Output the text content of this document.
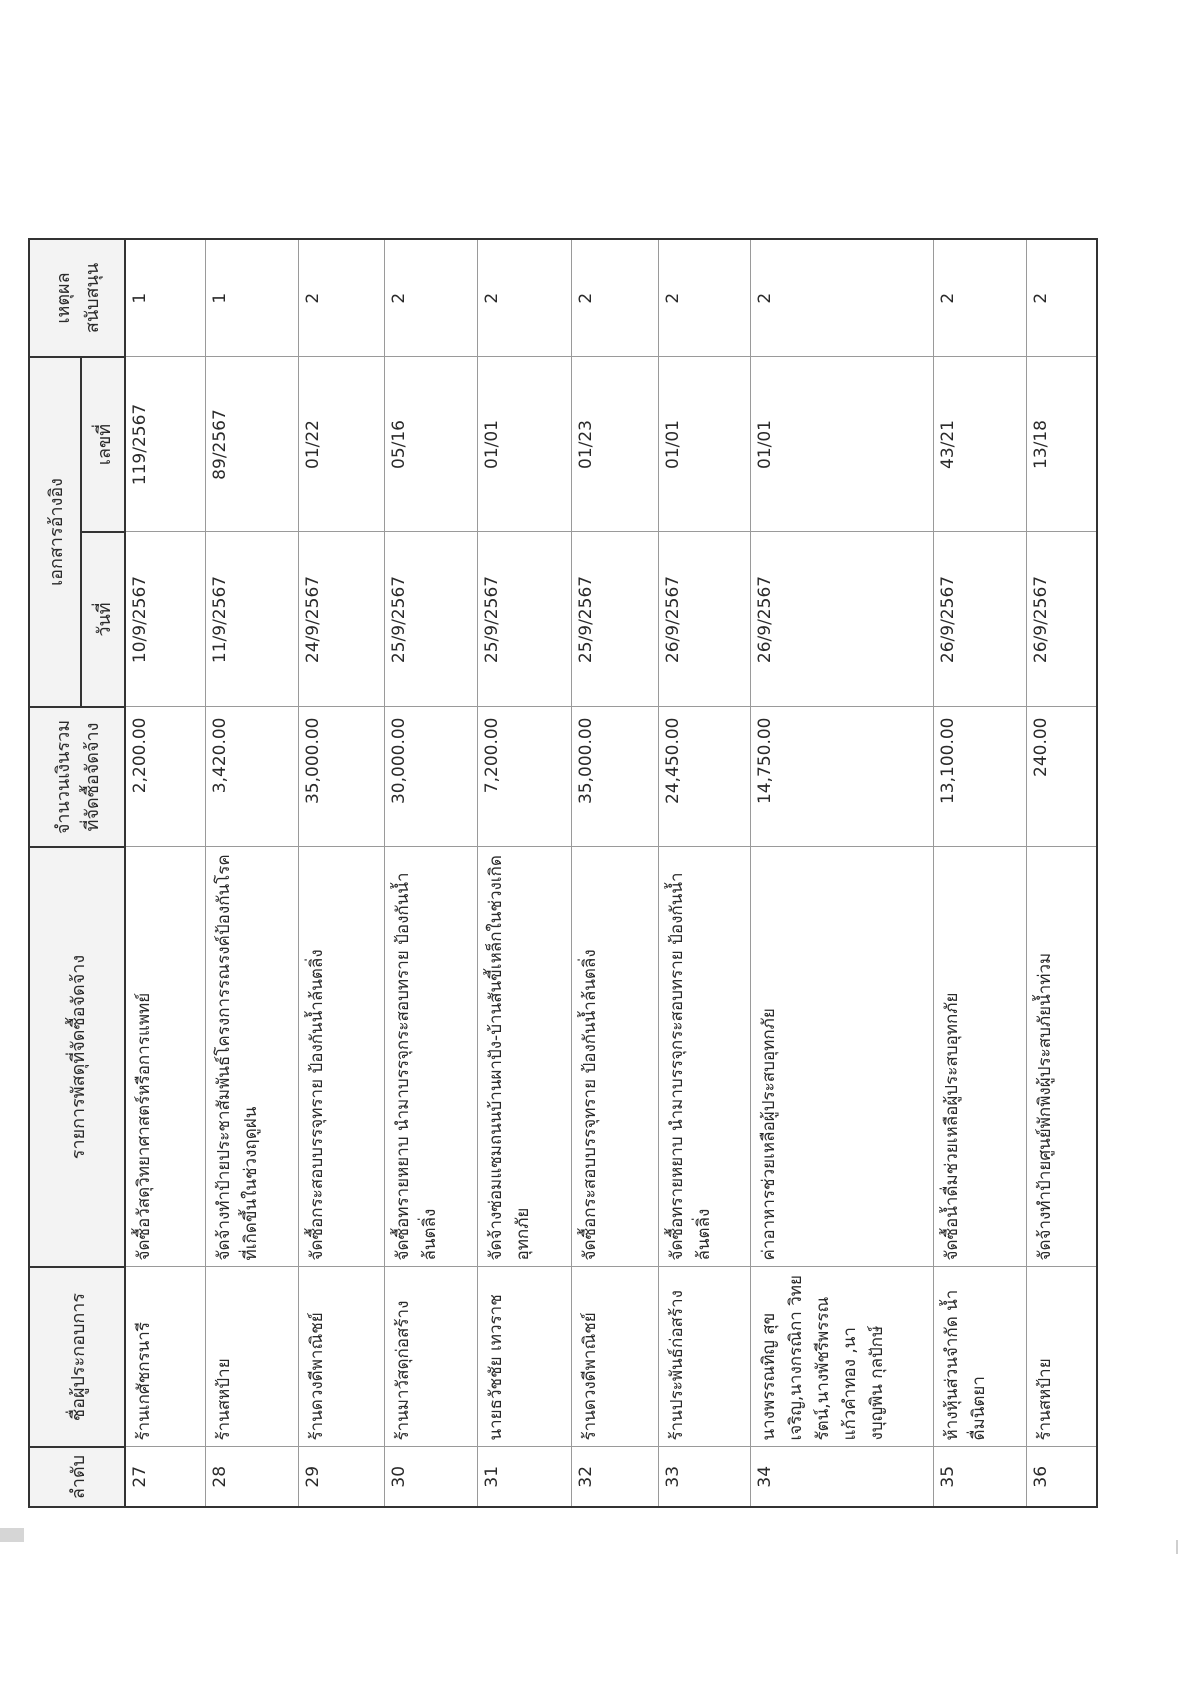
ลำดับ	ชื่อผู้ประกอบการ	รายการพัสดุที่จัดซื้อจัดจ้าง	จำนวนเงินรวมที่จัดซื้อจัดจ้าง	เอกสารอ้างอิง		เหตุผลสนับสนุน
				วันที่	เลขที่	
27	ร้านเกศัชกรนารี	จัดซื้อวัสดุวิทยาศาสตร์หรือการแพทย์	2,200.00	10/9/2567	119/2567	1
28	ร้านสหป้าย	จัดจ้างทำป้ายประชาสัมพันธ์โครงการรณรงค์ป้องกันโรคที่เกิดขึ้นในช่วงฤดูฝน	3,420.00	11/9/2567	89/2567	1
29	ร้านดวงดีพาณิชย์	จัดซื้อกระสอบบรรจุทราย ป้องกันน้ำล้นตลิ่ง	35,000.00	24/9/2567	01/22	2
30	ร้านมาวัสดุก่อสร้าง	จัดซื้อทรายหยาบ นำมาบรรจุกระสอบทราย ป้องกันน้ำล้นตลิ่ง	30,000.00	25/9/2567	05/16	2
31	นายธวัชชัย เทวราช	จัดจ้างซ่อมแซมถนนบ้านผาปัง-บ้านสันขี้เหล็กในช่วงเกิดอุทกภัย	7,200.00	25/9/2567	01/01	2
32	ร้านดวงดีพาณิชย์	จัดซื้อกระสอบบรรจุทราย ป้องกันน้ำล้นตลิ่ง	35,000.00	25/9/2567	01/23	2
33	ร้านประพันธ์ก่อสร้าง	จัดซื้อทรายหยาบ นำมาบรรจุกระสอบทราย ป้องกันน้ำล้นตลิ่ง	24,450.00	26/9/2567	01/01	2
34	นางพรรณทิญ สุขเจริญ,นางกรณิกา วิทยรัตน์,นางพัชรีพรรณ แก้วคำทอง ,นางบุญพิน กุลปักษ์	ค่าอาหารช่วยเหลือผู้ประสบอุทกภัย	14,750.00	26/9/2567	01/01	2
35	ห้างหุ้นส่วนจำกัด น้ำดื่มนิตยา	จัดซื้อน้ำดื่มช่วยเหลือผู้ประสบอุทกภัย	13,100.00	26/9/2567	43/21	2
36	ร้านสหป้าย	จัดจ้างทำป้ายศูนย์พักพิงผู้ประสบภัยน้ำท่วม	240.00	26/9/2567	13/18	2
